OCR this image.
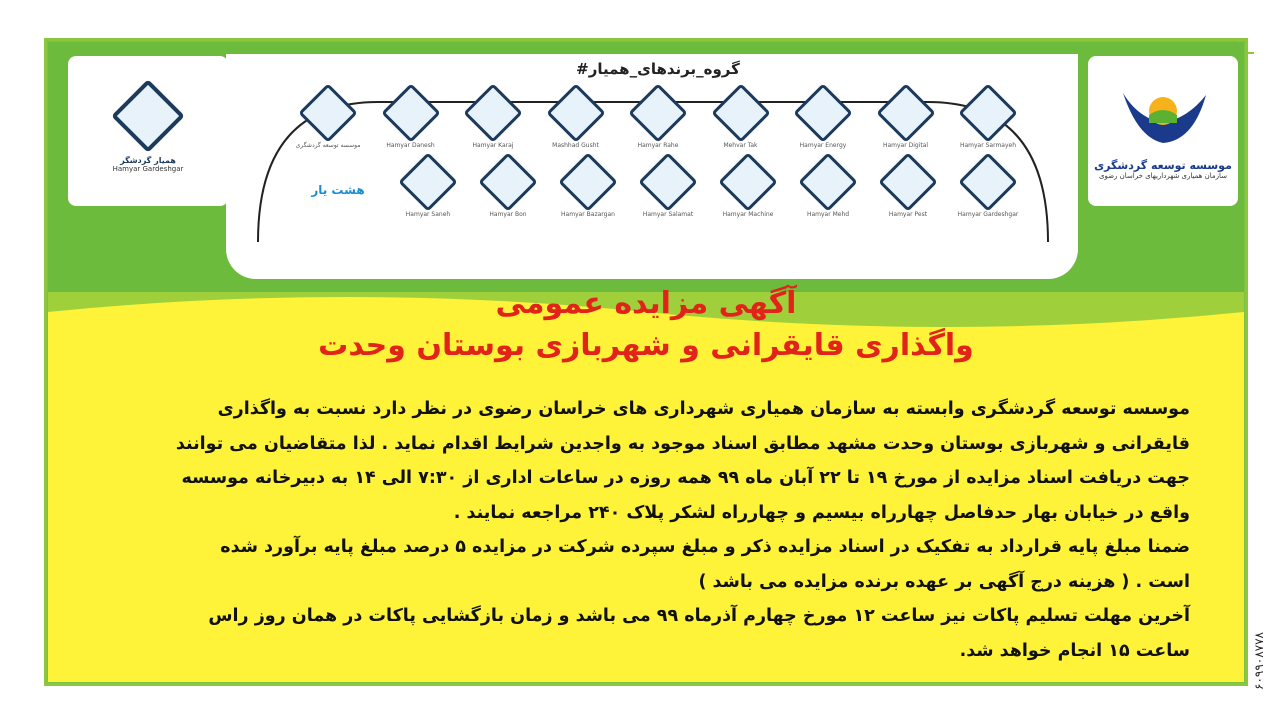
همیار گردشگر
Hamyar Gardeshgar	موسسه توسعه گردشگری
سازمان همیاری شهرداریهای خراسان رضوی
#گروه_برندهای_همیار
Hamyar Sarmayeh
Hamyar Digital
Hamyar Energy
Mehvar Tak
Hamyar Rahe
Mashhad Gusht
Hamyar Karaj
Hamyar Danesh
موسسه توسعه گردشگری
Hamyar Gardeshgar
Hamyar Pest
Hamyar Mehd
Hamyar Machine
Hamyar Salamat
Hamyar Bazargan
Hamyar Bon
Hamyar Saneh
هشت یار
آگهی مزایده عمومی
واگذاری قایقرانی و شهربازی بوستان وحدت

موسسه توسعه گردشگری وابسته به سازمان همیاری شهرداری های خراسان رضوی در نظر دارد نسبت به واگذاری

قایقرانی و شهربازی بوستان وحدت مشهد مطابق اسناد موجود به واجدین شرایط اقدام نماید . لذا متقاضیان می توانند

جهت دریافت اسناد مزایده از مورخ ۱۹ تا ۲۲ آبان ماه ۹۹ همه روزه در ساعات اداری از ۷:۳۰ الی ۱۴ به دبیرخانه موسسه

واقع در خیابان بهار حدفاصل چهارراه بیسیم و چهارراه لشکر پلاک ۲۴۰ مراجعه نمایند .

ضمنا مبلغ پایه قرارداد به تفکیک در اسناد مزایده ذکر و مبلغ سپرده شرکت در مزایده ۵ درصد مبلغ پایه برآورد شده

است . ( هزینه درج آگهی بر عهده برنده مزایده می باشد )

آخرین مهلت تسلیم پاکات نیز ساعت ۱۲ مورخ چهارم آذرماه ۹۹ می باشد و زمان بازگشایی پاکات در همان روز راس

ساعت ۱۵ انجام خواهد شد.	۶۰۹۹۰۸۷۷۸
